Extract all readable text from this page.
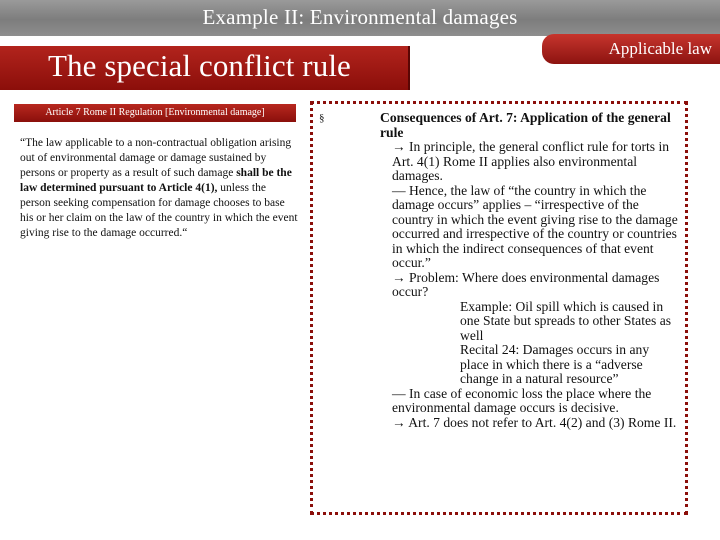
Example II: Environmental damages
Applicable law
The special conflict rule
Article 7 Rome II Regulation [Environmental damage]
“The law applicable to a non-contractual obligation arising out of environmental damage or damage sustained by persons or property as a result of such damage shall be the law determined pursuant to Article 4(1), unless the person seeking compensation for damage chooses to base his or her claim on the law of the country in which the event giving rise to the damage occurred.“
§	Consequences of Art. 7: Application of the general rule

→ In principle, the general conflict rule for torts in Art. 4(1) Rome II applies also environmental damages.

— Hence, the law of “the country in which the damage occurs” applies – “irrespective of the country in which the event giving rise to the damage occurred and irrespective of the country or countries in which the indirect consequences of that event occur.”

→ Problem: Where does environmental damages occur?

Example: Oil spill which is caused in one State but spreads to other States as well

Recital 24: Damages occurs in any place in which there is a “adverse change in a natural resource”

— In case of economic loss the place where the environmental damage occurs is decisive.

→ Art. 7 does not refer to Art. 4(2) and (3) Rome II.
